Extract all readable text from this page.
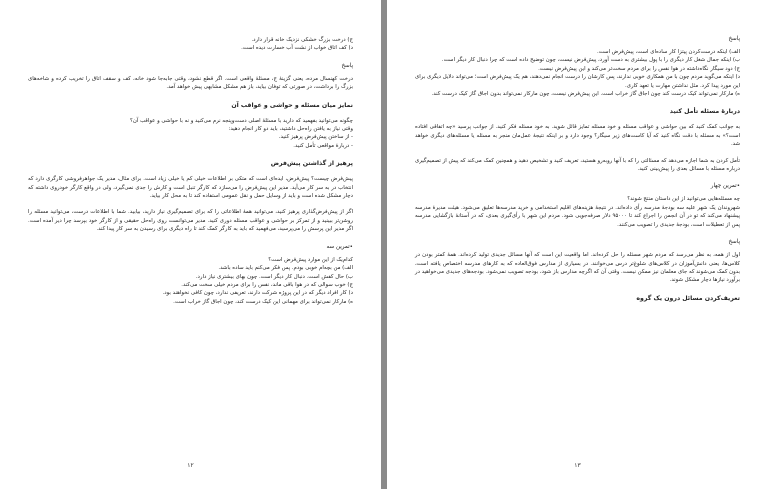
ج) درخت بزرگ خشکی نزدیک خانه قرار دارد.
د) کف اتاق خواب از نشت آب خسارت دیده است.
پاسخ

درخت کهنسال مرده، یعنی گزینهٔ ج، مسئلهٔ واقعی است. اگر قطع نشود، وقتی جابه‌جا شود خانه، کف و سقف اتاق را تخریب کرده و شاخه‌های بزرگ را برداشت، در صورتی که توفان بیاید، باز هم مشکل مشابهی پیش خواهد آمد.

نمایز میان مسئله و حواشی و عواقب آن
چگونه می‌توانید بفهمید که دارید با مسئلهٔ اصلی دست‌وپنجه نرم می‌کنید و نه با حواشی و عواقب آن؟
وقتی نیاز به یافتن راه‌حل داشتید، باید دو کار انجام دهید:
- از ساختن پیش‌فرض پرهیز کنید.
- دربارهٔ مواقعی تأمل کنید.
پرهیز از گذاشتن پیش‌فرض

پیش‌فرض چیست؟ پیش‌فرض، ایده‌ای است که متکی بر اطلاعات خیلی کم یا خیلی زیاد است. برای مثال، مدیر یک جواهرفروشی کارگری دارد که انتخاب در به سر کار می‌آید. مدیر این پیش‌فرض را می‌سازد که کارگر تنبل است و کارش را جدی نمی‌گیرد، ولی در واقع کارگر خودروی داشته که دچار مشکل شده است و باید از وسایل حمل و نقل عمومی استفاده کند تا به محل کار بیاید.

اگر از پیش‌فرض‌گذاری پرهیز کنید، می‌توانید همهٔ اطلاعاتی را که برای تصمیم‌گیری نیاز دارید، بیابید. شما با اطلاعات درست، می‌توانید مسئله را روشن‌تر ببینید و از تمرکز بر حواشی و عواقب مسئله دوری کنید. مدیر می‌توانست روی راه‌حل حقیقی و از کارگر خود بپرسد چرا دیر آمده است. اگر مدیر این پرسش را می‌پرسید، می‌فهمید که باید به کارگر کمک کند تا راه دیگری برای رسیدن به سر کار پیدا کند.

•تمرین سه
کدام‌یک از این موارد پیش‌فرض است؟
الف) من بچه‌ام خوبی بودم. پس فکر می‌کنم باید ساده باشد.
ب) حال کفش است. دنبال کار دیگر است. چون بهای بیشتری نیاز دارد.
ج) خوب سوالی که در هوا باقی ماند، نفس را برای مردم خیلی سخت می‌کند.
د) کار افراد دیگر که در این پروژه شرکت دارند، تعریفی ندارد، چون کافی نخواهند بود.
ه) مارکار نمی‌تواند برای مهمانی این کیک درست کند، چون اجاق گاز خراب است.
۱۲
پاسخ
الف) اینکه درست‌کردن پیتزا کار ساده‌ای است، پیش‌فرض است.
ب) اینکه جمال شغل کار دیگری را با پول بیشتری به دست آورد، پیش‌فرض نیست، چون توضیح داده است که چرا دنبال کار دیگر است.
ج) دود سیگار نگاه‌داشته در هوا نفس را برای مردم سخت‌تر می‌کند و این پیش‌فرض نیست.
د) اینکه می‌گوید مردم چون با من همکاری خوبی ندارند، پس کارشان را درست انجام نمی‌دهند، هم یک پیش‌فرض است؛ می‌تواند دلایل دیگری برای این مورد پیدا کرد. مثل نداشتن مهارت یا تعهد کاری.
ه) مارکار نمی‌تواند کیک درست کند چون اجاق گاز خراب است. این پیش‌فرض نیست، چون مارکار نمی‌تواند بدون اجاق گاز کیک درست کند.
دربارهٔ مسئله تأمل کنید

به جوانب کمک کنید که بین حواشی و عواقب مسئله و خود مسئله تمایز قائل شوید. به خود مسئله فکر کنید. از جوانب پرسید «چه اتفاقی افتاده است؟» به مسئله با دقت نگاه کنید که آیا کاست‌های زیر سیگار؟ وجود دارد و بر اینکه نتیجهٔ عمل‌مان منجر به مسئله یا مسئله‌های دیگری خواهد شد.

تأمل کردن به شما اجازه می‌دهد که مسئالتی را که با آنها روبه‌رو هستید، تعریف کنید و تشخیص دهید و همچنین کمک می‌کند که پیش از تصمیم‌گیری درباره مسئله با مسائل بعدی را پیش‌بینی کنید.

•تمرین چهار
چه مسئله‌هایی می‌توانید از این داستان منتج شوند؟

شهروندان یک شهر علیه سه بودجهٔ مدرسه رأی داده‌اند. در نتیجهٔ هزینه‌های اقلیم استخدامی و خرید مدرسه‌ها تعلیق می‌شود. هیئت مدیرهٔ مدرسه پیشنهاد می‌کند که تو در آن انجمن را اجراع کند تا ۹۵۰۰۰ دلار صرفه‌جویی شود. مردم این شهر با رأی‌گیری بعدی، که در آستانهٔ بازگشایی مدرسه پس از تعطیلات است، بودجهٔ جدیدی را تصویب می‌کنند.

پاسخ

اول از همه، به نظر می‌رسد که مردم شهر مسئله را حل کرده‌اند. اما واقعیت این است که آنها مسائل جدیدی تولید کرده‌اند. همهٔ کمتر بودن در کلاس‌ها، یعنی دانش‌آموزان در کلاس‌های شلوغ‌تر درس می‌خوانند. در بسیاری از مدارس فوق‌العاده که به کارهای مدرسه اختصاص یافته است، بدون کمک می‌شوند که جای معلمان نیز ممکن نیست. وقتی آن که اگرچه مدارس باز شود، بودجه تصویب نمی‌شود. بودجه‌های جدیدی می‌خواهید در برآورد نیازها دچار مشکل شوند.

تعریف‌کردن مسائل درون یک گروه
۱۳
